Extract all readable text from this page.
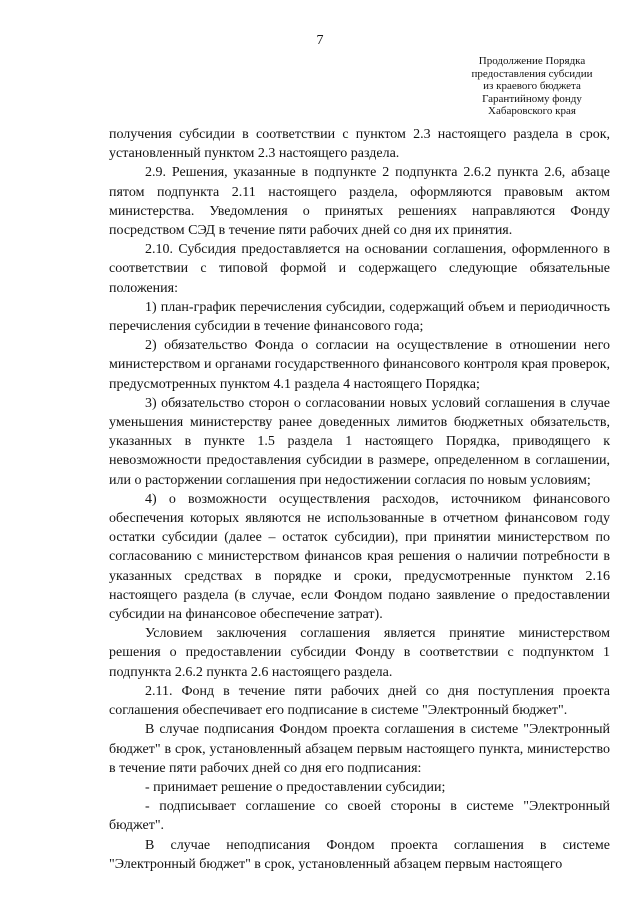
7
Продолжение Порядка
предоставления субсидии
из краевого бюджета
Гарантийному фонду
Хабаровского края

получения субсидии в соответствии с пунктом 2.3 настоящего раздела в срок, установленный пунктом 2.3 настоящего раздела.

2.9. Решения, указанные в подпункте 2 подпункта 2.6.2 пункта 2.6, абзаце пятом подпункта 2.11 настоящего раздела, оформляются правовым актом министерства. Уведомления о принятых решениях направляются Фонду посредством СЭД в течение пяти рабочих дней со дня их принятия.

2.10. Субсидия предоставляется на основании соглашения, оформленного в соответствии с типовой формой и содержащего следующие обязательные положения:

1) план-график перечисления субсидии, содержащий объем и периодичность перечисления субсидии в течение финансового года;

2) обязательство Фонда о согласии на осуществление в отношении него министерством и органами государственного финансового контроля края проверок, предусмотренных пунктом 4.1 раздела 4 настоящего Порядка;

3) обязательство сторон о согласовании новых условий соглашения в случае уменьшения министерству ранее доведенных лимитов бюджетных обязательств, указанных в пункте 1.5 раздела 1 настоящего Порядка, приводящего к невозможности предоставления субсидии в размере, определенном в соглашении, или о расторжении соглашения при недостижении согласия по новым условиям;

4) о возможности осуществления расходов, источником финансового обеспечения которых являются не использованные в отчетном финансовом году остатки субсидии (далее – остаток субсидии), при принятии министерством по согласованию с министерством финансов края решения о наличии потребности в указанных средствах в порядке и сроки, предусмотренные пунктом 2.16 настоящего раздела (в случае, если Фондом подано заявление о предоставлении субсидии на финансовое обеспечение затрат).

Условием заключения соглашения является принятие министерством решения о предоставлении субсидии Фонду в соответствии с подпунктом 1 подпункта 2.6.2 пункта 2.6 настоящего раздела.

2.11. Фонд в течение пяти рабочих дней со дня поступления проекта соглашения обеспечивает его подписание в системе "Электронный бюджет".

В случае подписания Фондом проекта соглашения в системе "Электронный бюджет" в срок, установленный абзацем первым настоящего пункта, министерство в течение пяти рабочих дней со дня его подписания:

- принимает решение о предоставлении субсидии;

- подписывает соглашение со своей стороны в системе "Электронный бюджет".

В случае неподписания Фондом проекта соглашения в системе "Электронный бюджет" в срок, установленный абзацем первым настоящего
